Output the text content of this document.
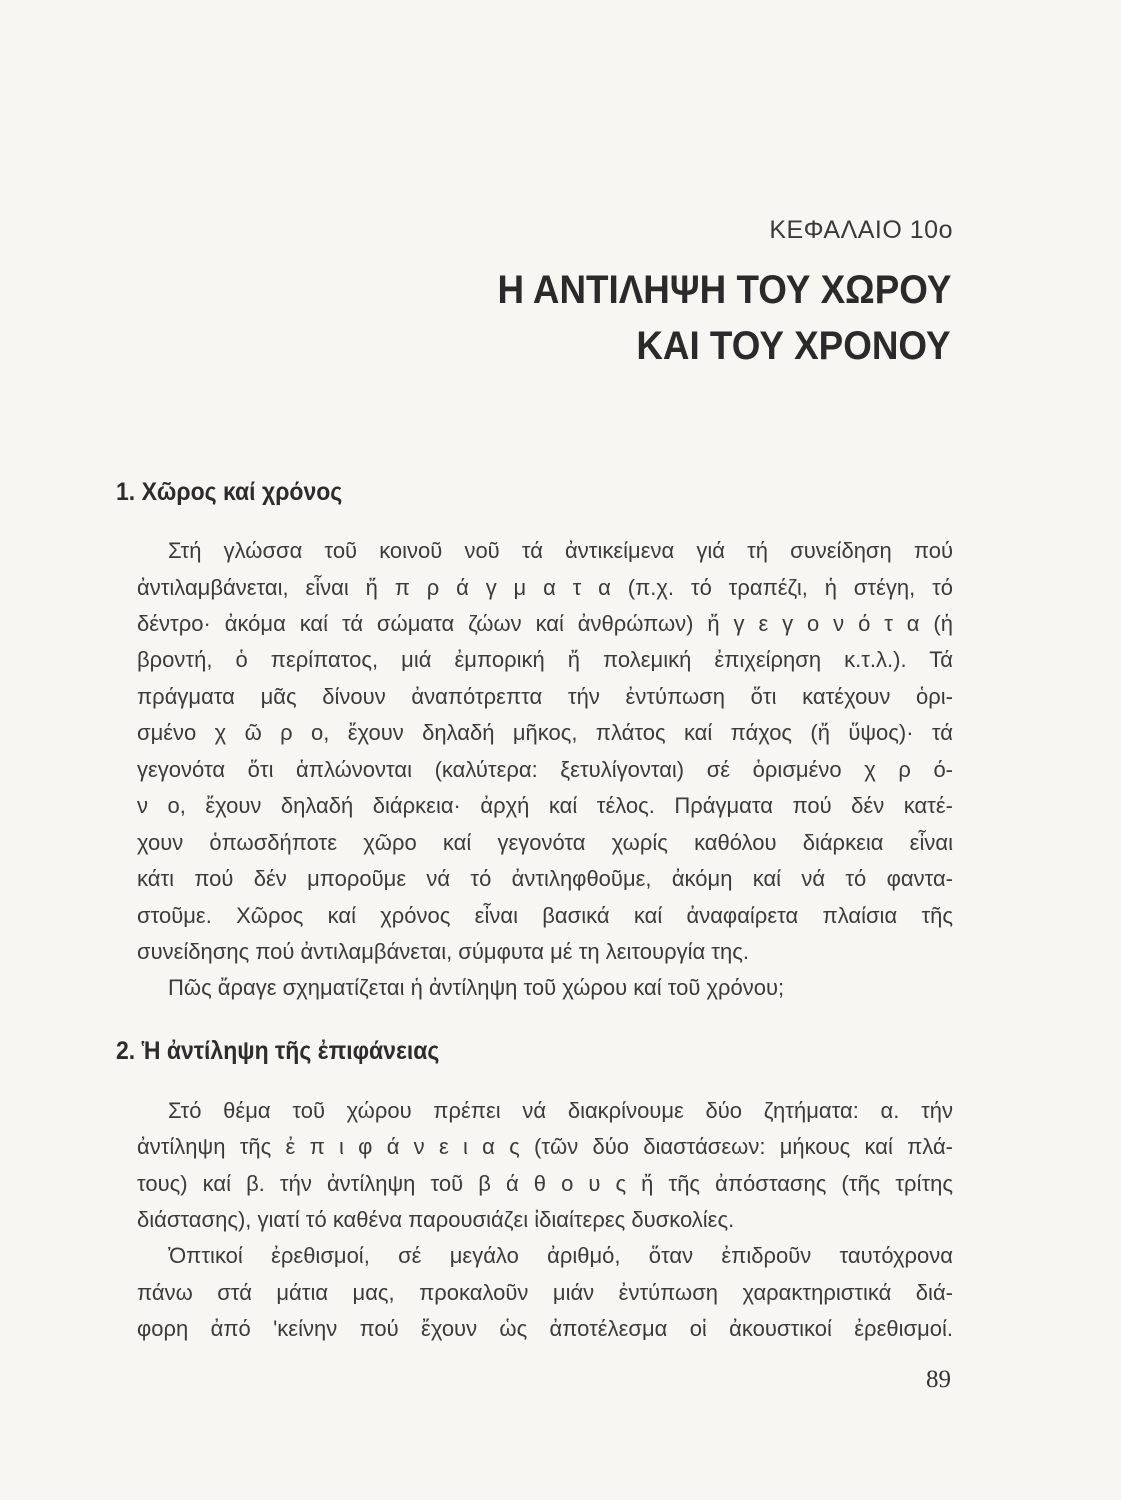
ΚΕΦΑΛΑΙΟ 10ο
Η ΑΝΤΙΛΗΨΗ ΤΟΥ ΧΩΡΟΥ
ΚΑΙ ΤΟΥ ΧΡΟΝΟΥ
1. Χῶρος καί χρόνος
Στή γλώσσα τοῦ κοινοῦ νοῦ τά ἀντικείμενα γιά τή συνείδηση πού
ἀντιλαμβάνεται, εἶναι ἤ π ρ ά γ μ α τ α (π.χ. τό τραπέζι, ἡ στέγη, τό
δέντρο· ἀκόμα καί τά σώματα ζώων καί ἀνθρώπων) ἤ γ ε γ ο ν ό τ α (ἡ
βροντή, ὁ περίπατος, μιά ἐμπορική ἤ πολεμική ἐπιχείρηση κ.τ.λ.). Τά
πράγματα μᾶς δίνουν ἀναπότρεπτα τήν ἐντύπωση ὅτι κατέχουν ὁρι-
σμένο χ ῶ ρ ο, ἔχουν δηλαδή μῆκος, πλάτος καί πάχος (ἤ ὕψος)· τά
γεγονότα ὅτι ἁπλώνονται (καλύτερα: ξετυλίγονται) σέ ὁρισμένο χ ρ ό-
ν ο, ἔχουν δηλαδή διάρκεια· ἀρχή καί τέλος. Πράγματα πού δέν κατέ-
χουν ὁπωσδήποτε χῶρο καί γεγονότα χωρίς καθόλου διάρκεια εἶναι
κάτι πού δέν μποροῦμε νά τό ἀντιληφθοῦμε, ἀκόμη καί νά τό φαντα-
στοῦμε. Χῶρος καί χρόνος εἶναι βασικά καί ἀναφαίρετα πλαίσια τῆς
συνείδησης πού ἀντιλαμβάνεται, σύμφυτα μέ τη λειτουργία της.
Πῶς ἄραγε σχηματίζεται ἡ ἀντίληψη τοῦ χώρου καί τοῦ χρόνου;
2. Ἡ ἀντίληψη τῆς ἐπιφάνειας
Στό θέμα τοῦ χώρου πρέπει νά διακρίνουμε δύο ζητήματα: α. τήν
ἀντίληψη τῆς ἐ π ι φ ά ν ε ι α ς (τῶν δύο διαστάσεων: μήκους καί πλά-
τους) καί β. τήν ἀντίληψη τοῦ β ά θ ο υ ς ἤ τῆς ἀπόστασης (τῆς τρίτης
διάστασης), γιατί τό καθένα παρουσιάζει ἰδιαίτερες δυσκολίες.
Ὀπτικοί ἐρεθισμοί, σέ μεγάλο ἀριθμό, ὅταν ἐπιδροῦν ταυτόχρονα
πάνω στά μάτια μας, προκαλοῦν μιάν ἐντύπωση χαρακτηριστικά διά-
φορη ἀπό 'κείνην πού ἔχουν ὡς ἀποτέλεσμα οἱ ἀκουστικοί ἐρεθισμοί.
89
